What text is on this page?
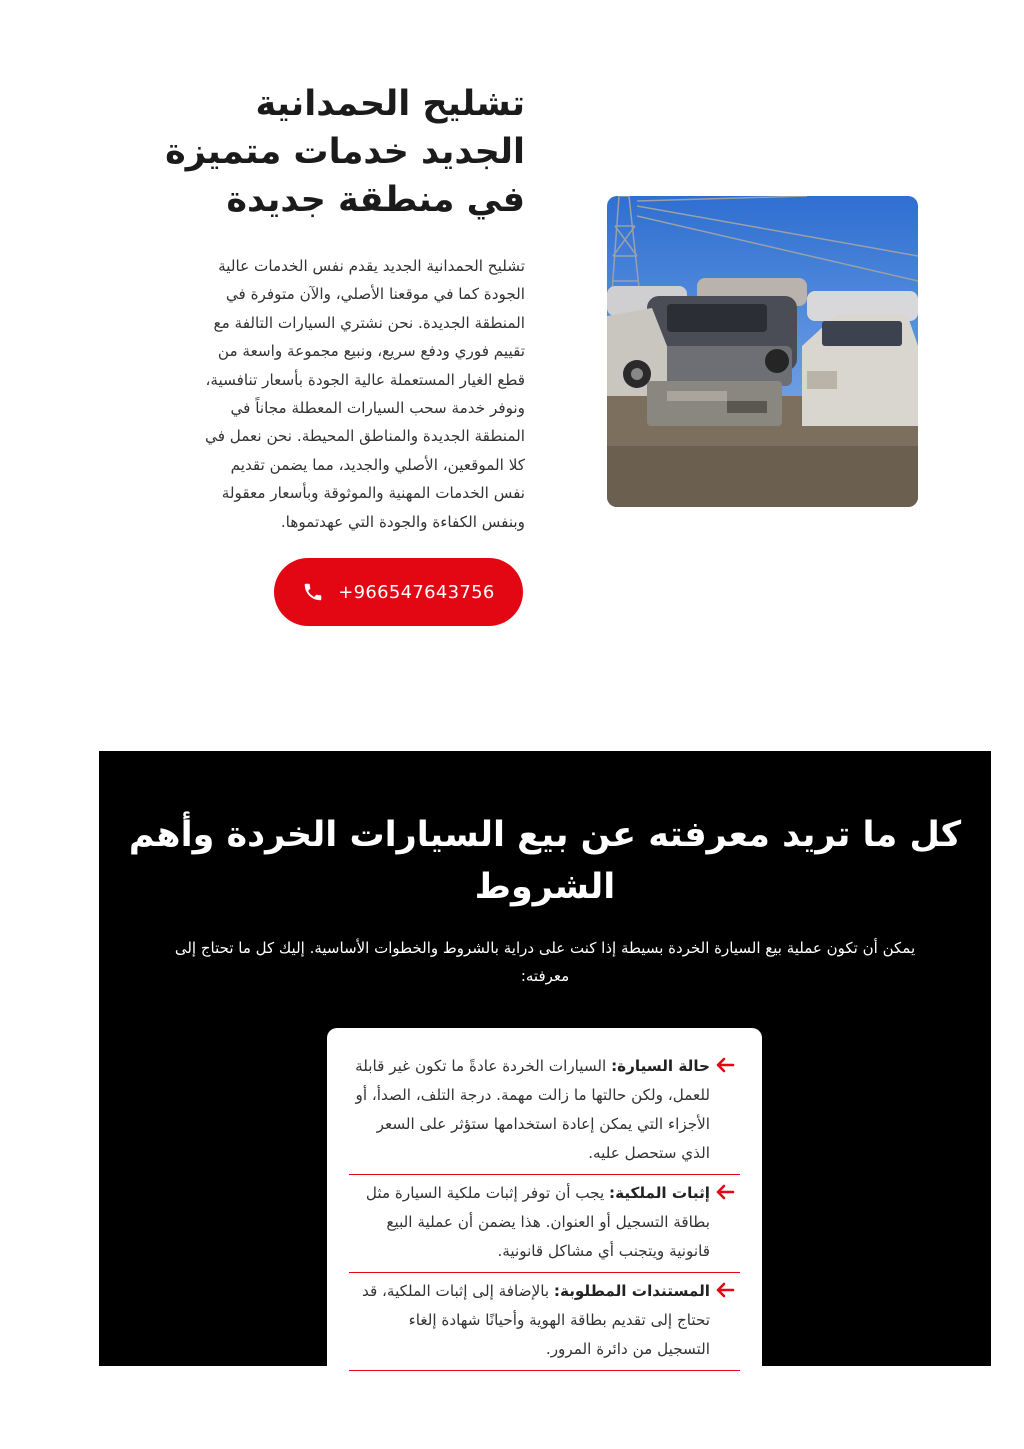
تشليح الحمدانية
الجديد خدمات متميزة
في منطقة جديدة
تشليح الحمدانية الجديد يقدم نفس الخدمات عالية
الجودة كما في موقعنا الأصلي، والآن متوفرة في
المنطقة الجديدة. نحن نشتري السيارات التالفة مع
تقييم فوري ودفع سريع، ونبيع مجموعة واسعة من
قطع الغيار المستعملة عالية الجودة بأسعار تنافسية،
ونوفر خدمة سحب السيارات المعطلة مجاناً في
المنطقة الجديدة والمناطق المحيطة. نحن نعمل في
كلا الموقعين، الأصلي والجديد، مما يضمن تقديم
نفس الخدمات المهنية والموثوقة وبأسعار معقولة
وبنفس الكفاءة والجودة التي عهدتموها.
+966547643756
كل ما تريد معرفته عن بيع السيارات الخردة وأهم
الشروط

يمكن أن تكون عملية بيع السيارة الخردة بسيطة إذا كنت على دراية بالشروط والخطوات الأساسية. إليك كل ما تحتاج إلى
معرفته:

حالة السيارة: السيارات الخردة عادةً ما تكون غير قابلة للعمل، ولكن حالتها ما زالت مهمة. درجة التلف، الصدأ، أو الأجزاء التي يمكن إعادة استخدامها ستؤثر على السعر الذي ستحصل عليه.
إثبات الملكية: يجب أن توفر إثبات ملكية السيارة مثل بطاقة التسجيل أو العنوان. هذا يضمن أن عملية البيع قانونية ويتجنب أي مشاكل قانونية.
المستندات المطلوبة: بالإضافة إلى إثبات الملكية، قد تحتاج إلى تقديم بطاقة الهوية وأحيانًا شهادة إلغاء التسجيل من دائرة المرور.
